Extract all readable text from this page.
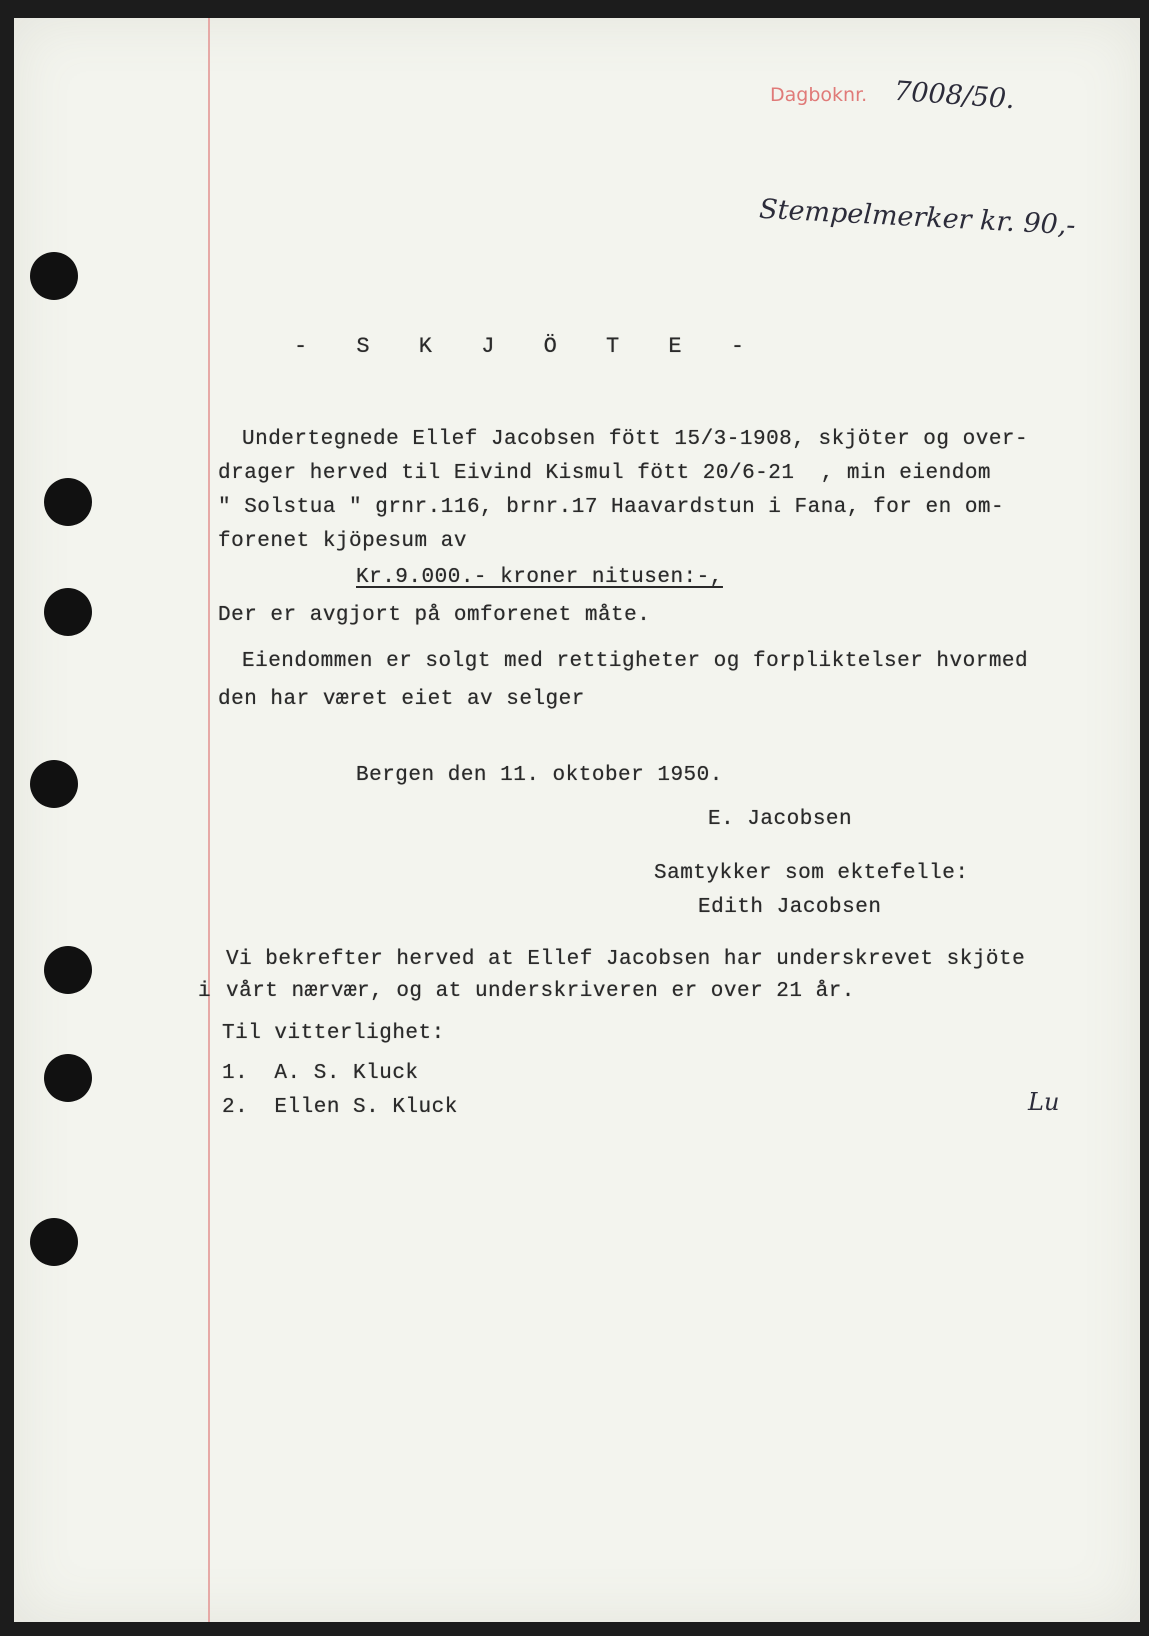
Dagboknr. 7008/50.
Stempelmerker kr. 90,-
- S K J Ö T E -
Undertegnede Ellef Jacobsen fött 15/3-1908, skjöter og over-
drager herved til Eivind Kismul fött 20/6-21  , min eiendom
" Solstua " grnr.116, brnr.17 Haavardstun i Fana, for en om-
forenet kjöpesum av
Kr.9.000.- kroner nitusen:-,
Der er avgjort på omforenet måte.
Eiendommen er solgt med rettigheter og forpliktelser hvormed
den har været eiet av selger
Bergen den 11. oktober 1950.
E. Jacobsen
Samtykker som ektefelle:
Edith Jacobsen
Vi bekrefter herved at Ellef Jacobsen har underskrevet skjöte
i vårt nærvær, og at underskriveren er over 21 år.
Til vitterlighet:
1.  A. S. Kluck
2.  Ellen S. Kluck	Lu
